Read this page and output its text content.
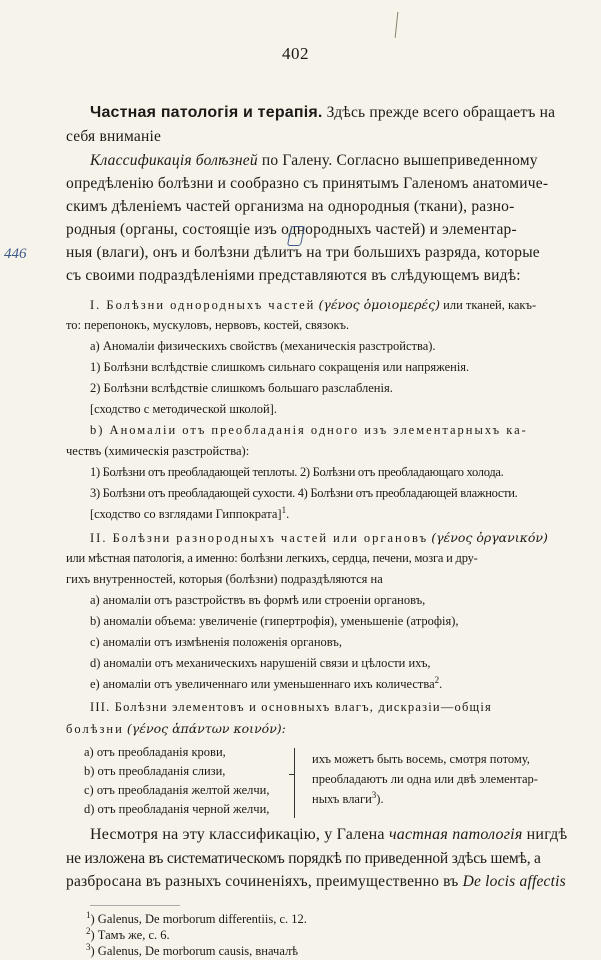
402
446
Частная патологія и терапія. Здѣсь прежде всего обращаетъ на
себя вниманіе
Классификація болѣзней по Галену. Согласно вышеприведенному
опредѣленію болѣзни и сообразно съ принятымъ Галеномъ анатомиче-
скимъ дѣленіемъ частей организма на однородныя (ткани), разно-
родныя (органы, состоящіе изъ однородныхъ частей) и элементар-
ныя (влаги), онъ и болѣзни дѣлитъ на три большихъ разряда, которые
съ своими подраздѣленіями представляются въ слѣдующемъ видѣ:
I. Болѣзни однородныхъ частей (γένος ὁμοιομερές) или тканей, какъ-
то: перепонокъ, мускуловъ, нервовъ, костей, связокъ.
a) Аномаліи физическихъ свойствъ (механическія разстройства).
1) Болѣзни вслѣдствіе слишкомъ сильнаго сокращенія или напряженія.
2) Болѣзни вслѣдствіе слишкомъ большаго разслабленія.
[сходство с методической школой].
b) Аномаліи отъ преобладанія одного изъ элементарныхъ ка-
чествъ (химическія разстройства):
1) Болѣзни отъ преобладающей теплоты. 2) Болѣзни отъ преобладающаго холода.
3) Болѣзни отъ преобладающей сухости. 4) Болѣзни отъ преобладающей влажности.
[сходство со взглядами Гиппократа]$^1$.
II. Болѣзни разнородныхъ частей или органовъ (γένος ὀργανικόν)
или мѣстная патологія, а именно: болѣзни легкихъ, сердца, печени, мозга и дру-
гихъ внутренностей, которыя (болѣзни) подраздѣляются на
a) аномаліи отъ разстройствъ въ формѣ или строеніи органовъ,
b) аномаліи объема: увеличеніе (гипертрофія), уменьшеніе (атрофія),
c) аномаліи отъ измѣненія положенія органовъ,
d) аномаліи отъ механическихъ нарушеній связи и цѣлости ихъ,
e) аномаліи отъ увеличеннаго или уменьшеннаго ихъ количества$^2$.
III. Болѣзни элементовъ и основныхъ влагъ, дискразіи—общія
болѣзни (γένος ἁπάντων κοινόν):
a) отъ преобладанія крови,
b) отъ преобладанія слизи,
c) отъ преобладанія желтой желчи,
d) отъ преобладанія черной желчи,
ихъ можетъ быть восемь, смотря потому,
преобладаютъ ли одна или двѣ элементар-
ныхъ влаги$^3$).
Несмотря на эту классификацію, у Галена частная патологія нигдѣ
не изложена въ систематическомъ порядкѣ по приведенной здѣсь шемѣ, а
разбросана въ разныхъ сочиненіяхъ, преимущественно въ De locis affectis
$^1$) Galenus, De morborum differentiis, c. 12.
$^2$) Тамъ же, с. 6.
$^3$) Galenus, De morborum causis, вначалѣ
